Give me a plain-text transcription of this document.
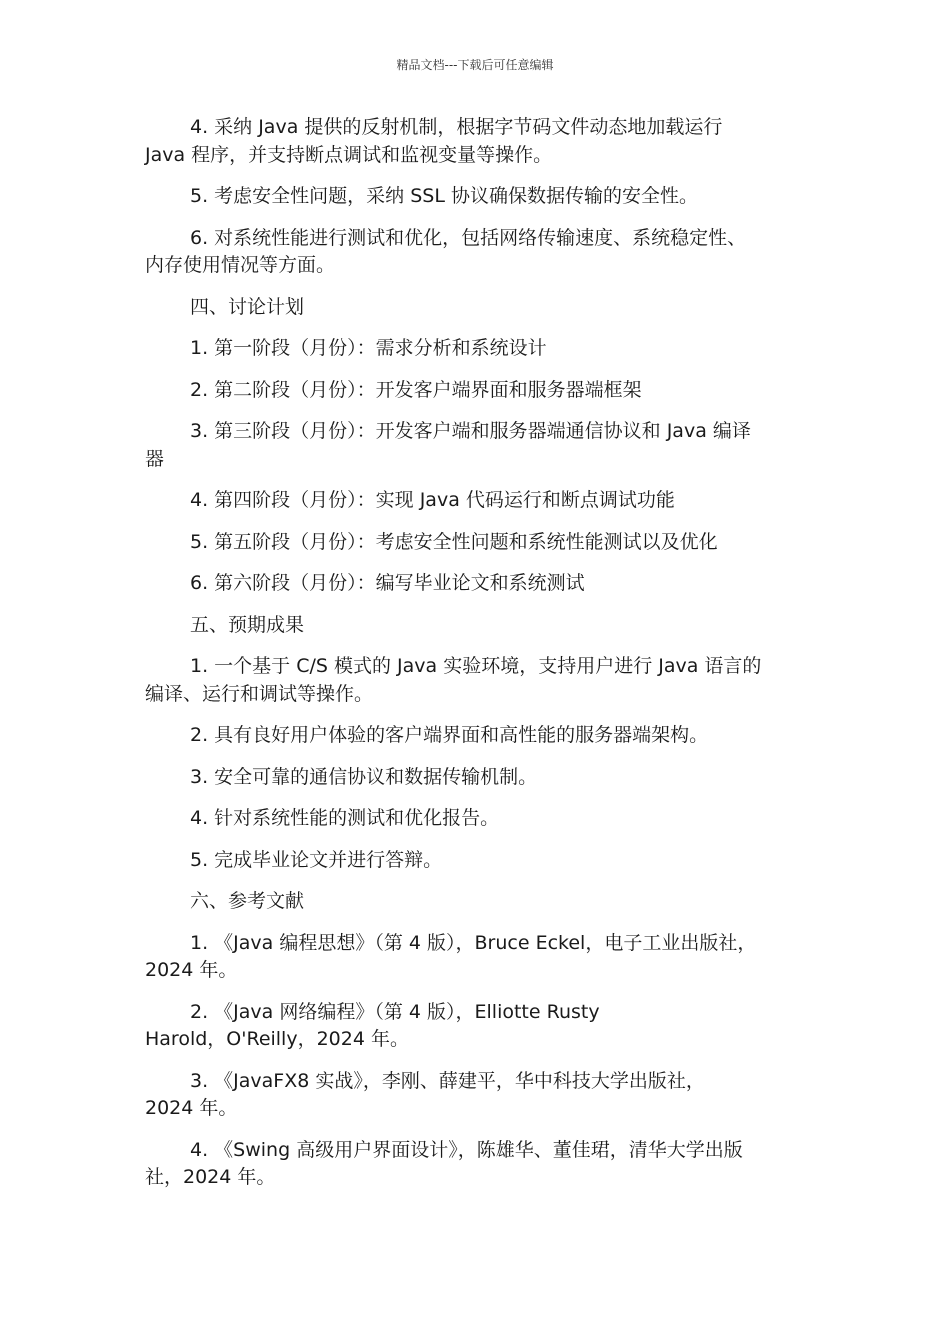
精品文档---下载后可任意编辑

4. 采纳 Java 提供的反射机制，根据字节码文件动态地加载运行
Java 程序，并支持断点调试和监视变量等操作。

5. 考虑安全性问题，采纳 SSL 协议确保数据传输的安全性。

6. 对系统性能进行测试和优化，包括网络传输速度、系统稳定性、
内存使用情况等方面。

四、讨论计划

1. 第一阶段（月份）：需求分析和系统设计

2. 第二阶段（月份）：开发客户端界面和服务器端框架

3. 第三阶段（月份）：开发客户端和服务器端通信协议和 Java 编译
器

4. 第四阶段（月份）：实现 Java 代码运行和断点调试功能

5. 第五阶段（月份）：考虑安全性问题和系统性能测试以及优化

6. 第六阶段（月份）：编写毕业论文和系统测试

五、预期成果

1. 一个基于 C/S 模式的 Java 实验环境，支持用户进行 Java 语言的
编译、运行和调试等操作。

2. 具有良好用户体验的客户端界面和高性能的服务器端架构。

3. 安全可靠的通信协议和数据传输机制。

4. 针对系统性能的测试和优化报告。

5. 完成毕业论文并进行答辩。

六、参考文献

1. 《Java 编程思想》（第 4 版），Bruce Eckel，电子工业出版社，
2024 年。

2. 《Java 网络编程》（第 4 版），Elliotte Rusty
Harold，O'Reilly，2024 年。

3. 《JavaFX8 实战》，李刚、薛建平，华中科技大学出版社，
2024 年。

4. 《Swing 高级用户界面设计》，陈雄华、董佳珺，清华大学出版
社，2024 年。
